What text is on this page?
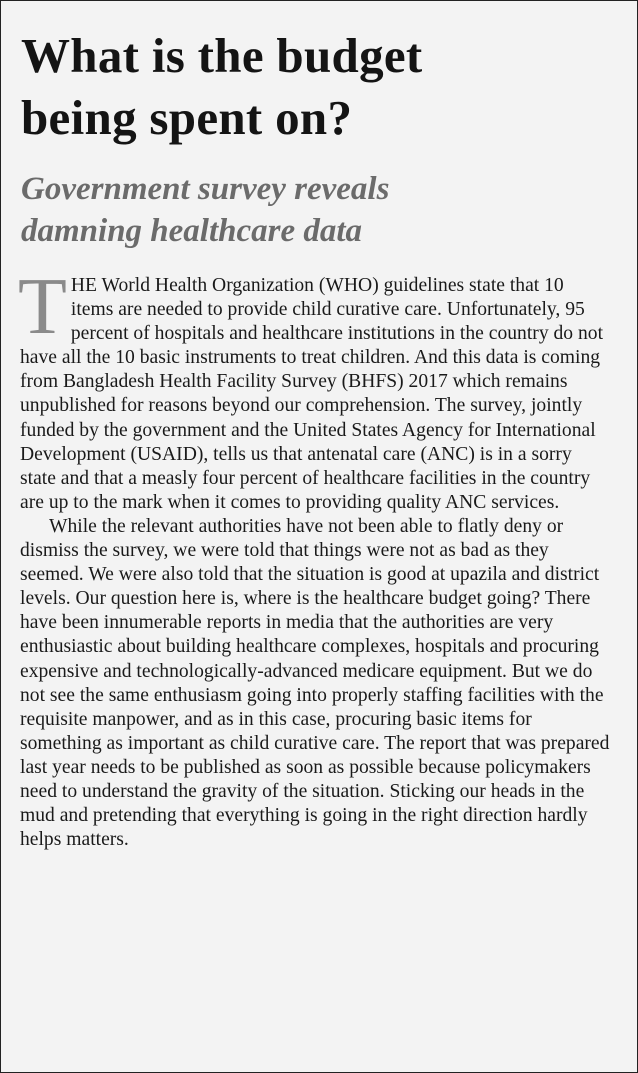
What is the budget
being spent on?
Government survey reveals
damning healthcare data

THE World Health Organization (WHO) guidelines state that 10 items are needed to provide child curative care. Unfortunately, 95 percent of hospitals and healthcare institutions in the country do not have all the 10 basic instruments to treat children. And this data is coming from Bangladesh Health Facility Survey (BHFS) 2017 which remains unpublished for reasons beyond our comprehension. The survey, jointly funded by the government and the United States Agency for International Development (USAID), tells us that antenatal care (ANC) is in a sorry state and that a measly four percent of healthcare facilities in the country are up to the mark when it comes to providing quality ANC services.

While the relevant authorities have not been able to flatly deny or dismiss the survey, we were told that things were not as bad as they seemed. We were also told that the situation is good at upazila and district levels. Our question here is, where is the healthcare budget going? There have been innumerable reports in media that the authorities are very enthusiastic about building healthcare complexes, hospitals and procuring expensive and technologically-advanced medicare equipment. But we do not see the same enthusiasm going into properly staffing facilities with the requisite manpower, and as in this case, procuring basic items for something as important as child curative care. The report that was prepared last year needs to be published as soon as possible because policymakers need to understand the gravity of the situation. Sticking our heads in the mud and pretending that everything is going in the right direction hardly helps matters.
